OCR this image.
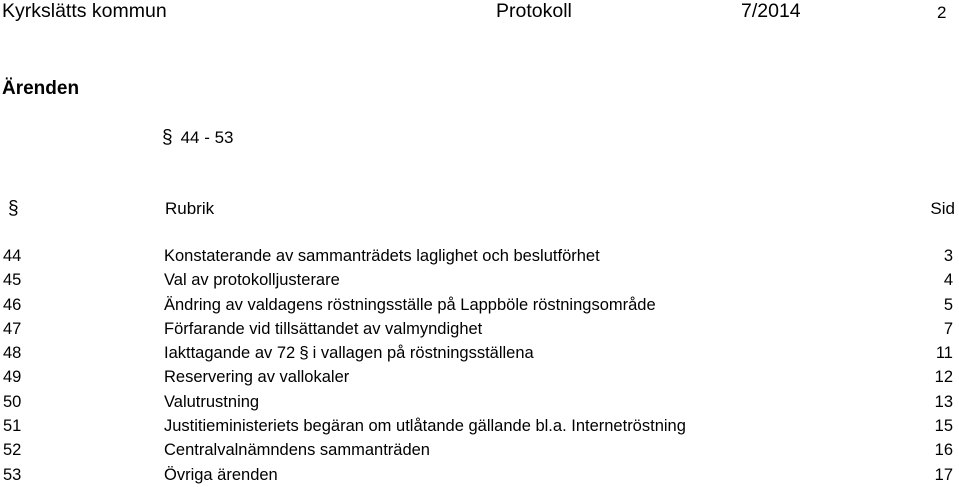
Kyrkslätts kommun	Protokoll	7/2014	2
Ärenden
§ 44 - 53
§	Rubrik	Sid
44	Konstaterande av sammanträdets laglighet och beslutförhet	3
45	Val av protokolljusterare	4
46	Ändring av valdagens röstningsställe på Lappböle röstningsområde	5
47	Förfarande vid tillsättandet av valmyndighet	7
48	Iakttagande av 72 § i vallagen på röstningsställena	11
49	Reservering av vallokaler	12
50	Valutrustning	13
51	Justitieministeriets begäran om utlåtande gällande bl.a. Internetröstning	15
52	Centralvalnämndens sammanträden	16
53	Övriga ärenden	17
